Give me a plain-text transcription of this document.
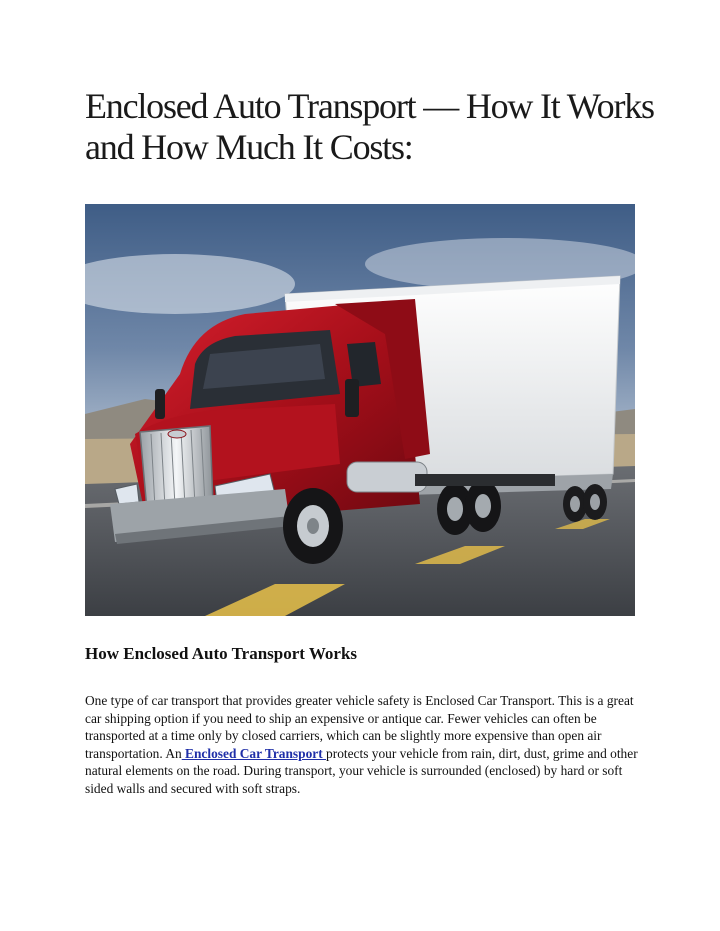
Enclosed Auto Transport — How It Works and How Much It Costs:
How Enclosed Auto Transport Works

One type of car transport that provides greater vehicle safety is Enclosed Car Transport. This is a great car shipping option if you need to ship an expensive or antique car. Fewer vehicles can often be transported at a time only by closed carriers, which can be slightly more expensive than open air transportation. An Enclosed Car Transport protects your vehicle from rain, dirt, dust, grime and other natural elements on the road. During transport, your vehicle is surrounded (enclosed) by hard or soft sided walls and secured with soft straps.
